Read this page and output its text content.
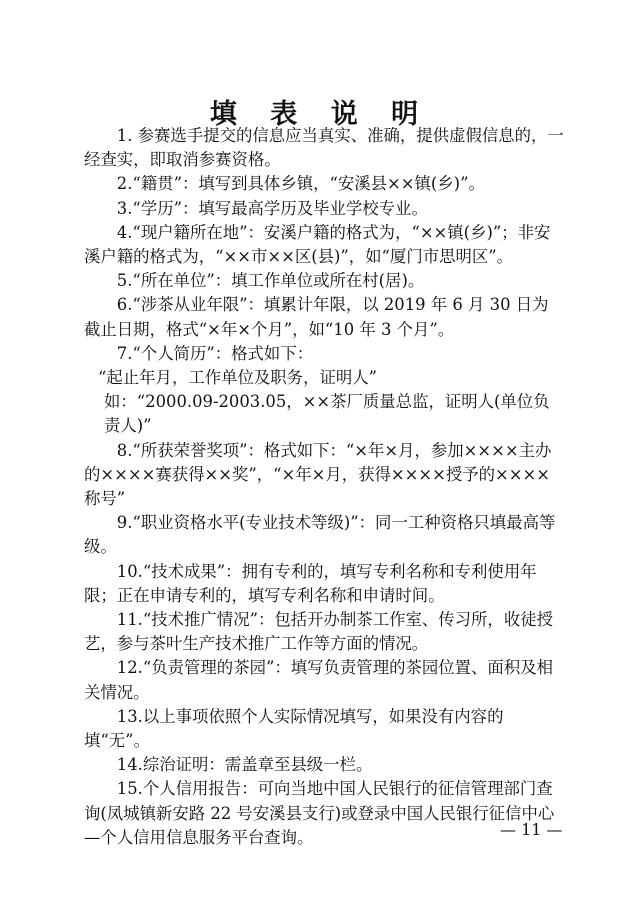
填 表 说 明

1. 参赛选手提交的信息应当真实、准确，提供虚假信息的，一经查实，即取消参赛资格。

2.“籍贯”：填写到具体乡镇，“安溪县××镇(乡)”。

3.“学历”：填写最高学历及毕业学校专业。

4.“现户籍所在地”：安溪户籍的格式为，“××镇(乡)”；非安溪户籍的格式为，“××市××区(县)”，如“厦门市思明区”。

5.“所在单位”：填工作单位或所在村(居)。

6.“涉茶从业年限”：填累计年限，以 2019 年 6 月 30 日为截止日期，格式“×年×个月”，如“10 年 3 个月”。

7.“个人简历”：格式如下：

“起止年月，工作单位及职务，证明人”

如：“2000.09-2003.05，××茶厂质量总监，证明人(单位负责人)”

8.“所获荣誉奖项”：格式如下：“×年×月，参加××××主办的××××赛获得××奖”，“×年×月，获得××××授予的××××称号”

9.“职业资格水平(专业技术等级)”：同一工种资格只填最高等级。

10.“技术成果”：拥有专利的，填写专利名称和专利使用年限；正在申请专利的，填写专利名称和申请时间。

11.“技术推广情况”：包括开办制茶工作室、传习所，收徒授艺，参与茶叶生产技术推广工作等方面的情况。

12.“负责管理的茶园”：填写负责管理的茶园位置、面积及相关情况。

13.以上事项依照个人实际情况填写，如果没有内容的填“无”。

14.综治证明：需盖章至县级一栏。

15.个人信用报告：可向当地中国人民银行的征信管理部门查询(凤城镇新安路 22 号安溪县支行)或登录中国人民银行征信中心—个人信用信息服务平台查询。	— 11 —
